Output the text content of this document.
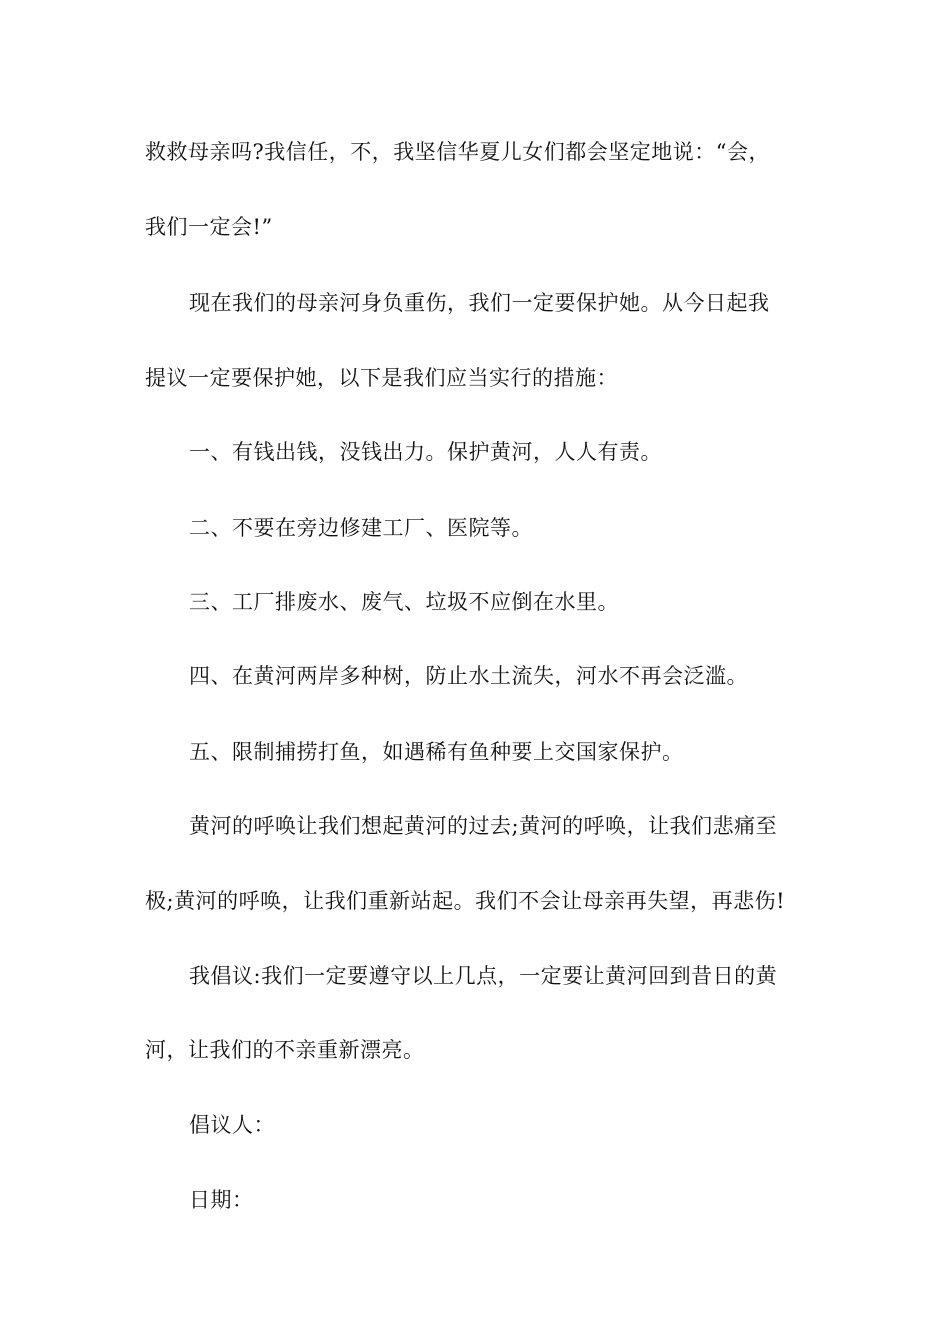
救救母亲吗?我信任，不，我坚信华夏儿女们都会坚定地说：“会，
我们一定会!”
现在我们的母亲河身负重伤，我们一定要保护她。从今日起我
提议一定要保护她，以下是我们应当实行的措施：
一、有钱出钱，没钱出力。保护黄河，人人有责。
二、不要在旁边修建工厂、医院等。
三、工厂排废水、废气、垃圾不应倒在水里。
四、在黄河两岸多种树，防止水土流失，河水不再会泛滥。
五、限制捕捞打鱼，如遇稀有鱼种要上交国家保护。
黄河的呼唤让我们想起黄河的过去;黄河的呼唤，让我们悲痛至
极;黄河的呼唤，让我们重新站起。我们不会让母亲再失望，再悲伤!
我倡议:我们一定要遵守以上几点，一定要让黄河回到昔日的黄
河，让我们的不亲重新漂亮。
倡议人：
日期：
